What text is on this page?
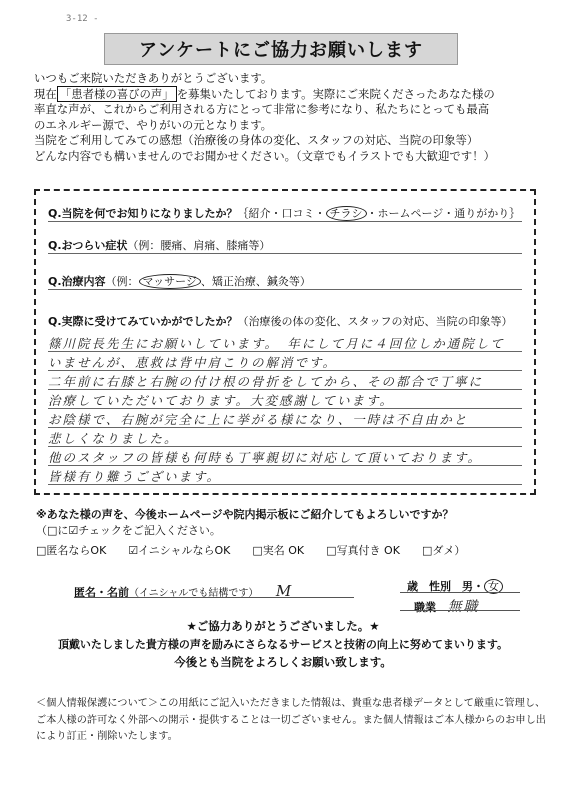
3-12 -
アンケートにご協力お願いします

いつもご来院いただきありがとうございます。

現在 「患者様の喜びの声」 を募集いたしております。実際にご来院くださったあなた様の

率直な声が、これからご利用される方にとって非常に参考になり、私たちにとっても最高

のエネルギー源で、やりがいの元となります。

当院をご利用してみての感想（治療後の身体の変化、スタッフの対応、当院の印象等）

どんな内容でも構いませんのでお聞かせください。（文章でもイラストでも大歓迎です！）

Q.当院を何でお知りになりましたか？｛紹介・口コミ・ チラシ ・ホームページ・通りがかり｝
Q.おつらい症状（例：腰痛、肩痛、膝痛等）
Q.治療内容（例： マッサージ 、矯正治療、鍼灸等）
Q.実際に受けてみていかがでしたか？（治療後の体の変化、スタッフの対応、当院の印象等）
篠川院長先生にお願いしています。　年にして月に４回位しか通院して
いませんが、恵救は背中肩こりの解消です。
二年前に右膝と右腕の付け根の骨折をしてから、その都合で丁寧に
治療していただいております。大変感謝しています。
お陰様で、右腕が完全に上に挙がる様になり、一時は不自由かと
悲しくなりました。
他のスタッフの皆様も何時も丁寧親切に対応して頂いております。
皆様有り難うございます。
※あなた様の声を、今後ホームページや院内掲示板にご紹介してもよろしいですか？
（□に☑チェックをご記入ください。
□匿名ならOK ☑イニシャルならOK □実名 OK □写真付き OK □ダメ）
匿名・名前（イニシャルでも結構です） M	歳　性別　男・ 女
職業 無職
★ご協力ありがとうございました。★
頂戴いたしました貴方様の声を励みにさらなるサービスと技術の向上に努めてまいります。
今後とも当院をよろしくお願い致します。

＜個人情報保護について＞この用紙にご記入いただきました情報は、貴重な患者様データとして厳重に管理し、

ご本人様の許可なく外部への開示・提供することは一切ございません。また個人情報はご本人様からのお申し出

により訂正・削除いたします。
